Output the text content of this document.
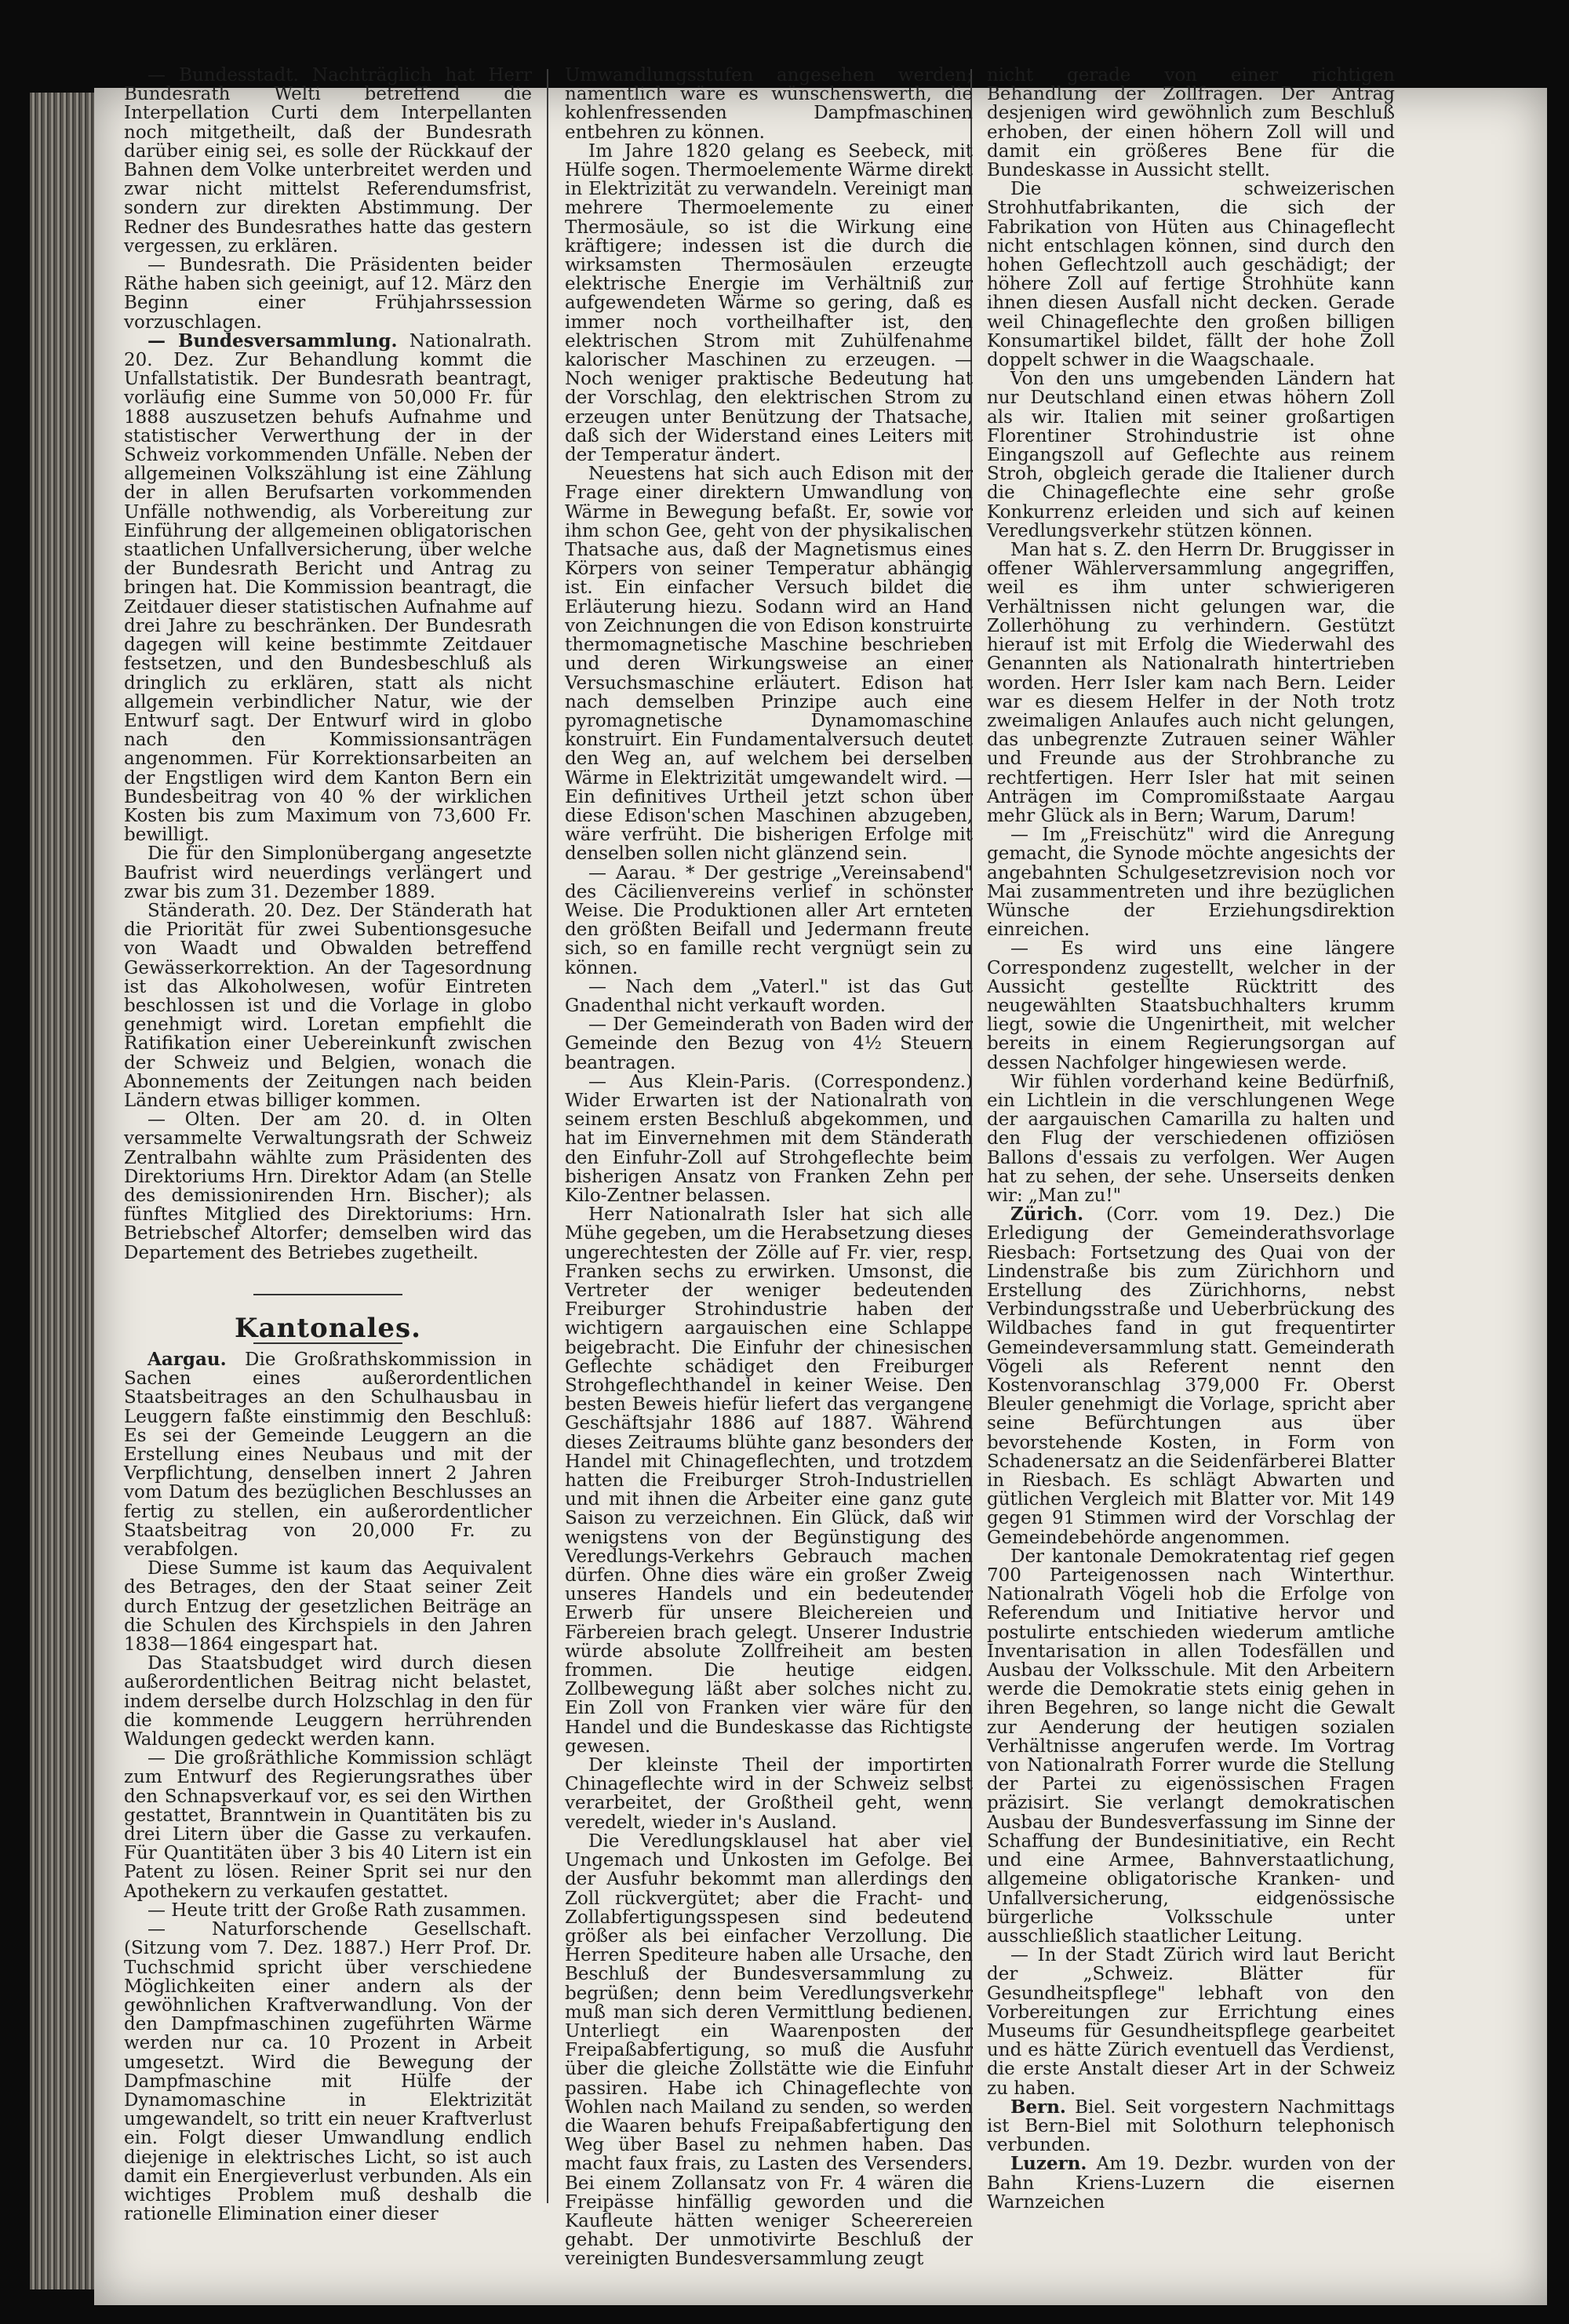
— Bundesstadt. Nachträglich hat Herr Bundesrath Welti betreffend die Interpellation Curti dem Interpellanten noch mitgetheilt, daß der Bundesrath darüber einig sei, es solle der Rückkauf der Bahnen dem Volke unterbreitet werden und zwar nicht mittelst Referendumsfrist, sondern zur direkten Abstimmung. Der Redner des Bundesrathes hatte das gestern vergessen, zu erklären.

— Bundesrath. Die Präsidenten beider Räthe haben sich geeinigt, auf 12. März den Beginn einer Frühjahrssession vorzuschlagen.

— Bundesversammlung. Nationalrath. 20. Dez. Zur Behandlung kommt die Unfallstatistik. Der Bundesrath beantragt, vorläufig eine Summe von 50,000 Fr. für 1888 auszusetzen behufs Aufnahme und statistischer Verwerthung der in der Schweiz vorkommenden Unfälle. Neben der allgemeinen Volkszählung ist eine Zählung der in allen Berufsarten vorkommenden Unfälle nothwendig, als Vorbereitung zur Einführung der allgemeinen obligatorischen staatlichen Unfallversicherung, über welche der Bundesrath Bericht und Antrag zu bringen hat. Die Kommission beantragt, die Zeitdauer dieser statistischen Aufnahme auf drei Jahre zu beschränken. Der Bundesrath dagegen will keine bestimmte Zeitdauer festsetzen, und den Bundesbeschluß als dringlich zu erklären, statt als nicht allgemein verbindlicher Natur, wie der Entwurf sagt. Der Entwurf wird in globo nach den Kommissionsanträgen angenommen. Für Korrektionsarbeiten an der Engstligen wird dem Kanton Bern ein Bundesbeitrag von 40 % der wirklichen Kosten bis zum Maximum von 73,600 Fr. bewilligt.

Die für den Simplonübergang angesetzte Baufrist wird neuerdings verlängert und zwar bis zum 31. Dezember 1889.

Ständerath. 20. Dez. Der Ständerath hat die Priorität für zwei Subentionsgesuche von Waadt und Obwalden betreffend Gewässerkorrektion. An der Tagesordnung ist das Alkoholwesen, wofür Eintreten beschlossen ist und die Vorlage in globo genehmigt wird. Loretan empfiehlt die Ratifikation einer Uebereinkunft zwischen der Schweiz und Belgien, wonach die Abonnements der Zeitungen nach beiden Ländern etwas billiger kommen.

— Olten. Der am 20. d. in Olten versammelte Verwaltungsrath der Schweiz Zentralbahn wählte zum Präsidenten des Direktoriums Hrn. Direktor Adam (an Stelle des demissionirenden Hrn. Bischer); als fünftes Mitglied des Direktoriums: Hrn. Betriebschef Altorfer; demselben wird das Departement des Betriebes zugetheilt.

Kantonales.

Aargau. Die Großrathskommission in Sachen eines außerordentlichen Staatsbeitrages an den Schulhausbau in Leuggern faßte einstimmig den Beschluß: Es sei der Gemeinde Leuggern an die Erstellung eines Neubaus und mit der Verpflichtung, denselben innert 2 Jahren vom Datum des bezüglichen Beschlusses an fertig zu stellen, ein außerordentlicher Staatsbeitrag von 20,000 Fr. zu verabfolgen.

Diese Summe ist kaum das Aequivalent des Betrages, den der Staat seiner Zeit durch Entzug der gesetzlichen Beiträge an die Schulen des Kirchspiels in den Jahren 1838—1864 eingespart hat.

Das Staatsbudget wird durch diesen außerordentlichen Beitrag nicht belastet, indem derselbe durch Holzschlag in den für die kommende Leuggern herrührenden Waldungen gedeckt werden kann.

— Die großräthliche Kommission schlägt zum Entwurf des Regierungsrathes über den Schnapsverkauf vor, es sei den Wirthen gestattet, Branntwein in Quantitäten bis zu drei Litern über die Gasse zu verkaufen. Für Quantitäten über 3 bis 40 Litern ist ein Patent zu lösen. Reiner Sprit sei nur den Apothekern zu verkaufen gestattet.

— Heute tritt der Große Rath zusammen.

— Naturforschende Gesellschaft. (Sitzung vom 7. Dez. 1887.) Herr Prof. Dr. Tuchschmid spricht über verschiedene Möglichkeiten einer andern als der gewöhnlichen Kraftverwandlung. Von der den Dampfmaschinen zugeführten Wärme werden nur ca. 10 Prozent in Arbeit umgesetzt. Wird die Bewegung der Dampfmaschine mit Hülfe der Dynamomaschine in Elektrizität umgewandelt, so tritt ein neuer Kraftverlust ein. Folgt dieser Umwandlung endlich diejenige in elektrisches Licht, so ist auch damit ein Energieverlust verbunden. Als ein wichtiges Problem muß deshalb die rationelle Elimination einer dieser

Umwandlungsstufen angesehen werden; namentlich wäre es wünschenswerth, die kohlenfressenden Dampfmaschinen entbehren zu können.

Im Jahre 1820 gelang es Seebeck, mit Hülfe sogen. Thermoelemente Wärme direkt in Elektrizität zu verwandeln. Vereinigt man mehrere Thermoelemente zu einer Thermosäule, so ist die Wirkung eine kräftigere; indessen ist die durch die wirksamsten Thermosäulen erzeugte elektrische Energie im Verhältniß zur aufgewendeten Wärme so gering, daß es immer noch vortheilhafter ist, den elektrischen Strom mit Zuhülfenahme kalorischer Maschinen zu erzeugen. — Noch weniger praktische Bedeutung hat der Vorschlag, den elektrischen Strom zu erzeugen unter Benützung der Thatsache, daß sich der Widerstand eines Leiters mit der Temperatur ändert.

Neuestens hat sich auch Edison mit der Frage einer direktern Umwandlung von Wärme in Bewegung befaßt. Er, sowie vor ihm schon Gee, geht von der physikalischen Thatsache aus, daß der Magnetismus eines Körpers von seiner Temperatur abhängig ist. Ein einfacher Versuch bildet die Erläuterung hiezu. Sodann wird an Hand von Zeichnungen die von Edison konstruirte thermomagnetische Maschine beschrieben und deren Wirkungsweise an einer Versuchsmaschine erläutert. Edison hat nach demselben Prinzipe auch eine pyromagnetische Dynamomaschine konstruirt. Ein Fundamentalversuch deutet den Weg an, auf welchem bei derselben Wärme in Elektrizität umgewandelt wird. — Ein definitives Urtheil jetzt schon über diese Edison'schen Maschinen abzugeben, wäre verfrüht. Die bisherigen Erfolge mit denselben sollen nicht glänzend sein.

— Aarau. * Der gestrige „Vereinsabend" des Cäcilienvereins verlief in schönster Weise. Die Produktionen aller Art ernteten den größten Beifall und Jedermann freute sich, so en famille recht vergnügt sein zu können.

— Nach dem „Vaterl." ist das Gut Gnadenthal nicht verkauft worden.

— Der Gemeinderath von Baden wird der Gemeinde den Bezug von 4½ Steuern beantragen.

— Aus Klein-Paris. (Correspondenz.) Wider Erwarten ist der Nationalrath von seinem ersten Beschluß abgekommen, und hat im Einvernehmen mit dem Ständerath den Einfuhr-Zoll auf Strohgeflechte beim bisherigen Ansatz von Franken Zehn per Kilo-Zentner belassen.

Herr Nationalrath Isler hat sich alle Mühe gegeben, um die Herabsetzung dieses ungerechtesten der Zölle auf Fr. vier, resp. Franken sechs zu erwirken. Umsonst, die Vertreter der weniger bedeutenden Freiburger Strohindustrie haben der wichtigern aargauischen eine Schlappe beigebracht. Die Einfuhr der chinesischen Geflechte schädiget den Freiburger Strohgeflechthandel in keiner Weise. Den besten Beweis hiefür liefert das vergangene Geschäftsjahr 1886 auf 1887. Während dieses Zeitraums blühte ganz besonders der Handel mit Chinageflechten, und trotzdem hatten die Freiburger Stroh-Industriellen und mit ihnen die Arbeiter eine ganz gute Saison zu verzeichnen. Ein Glück, daß wir wenigstens von der Begünstigung des Veredlungs-Verkehrs Gebrauch machen dürfen. Ohne dies wäre ein großer Zweig unseres Handels und ein bedeutender Erwerb für unsere Bleichereien und Färbereien brach gelegt. Unserer Industrie würde absolute Zollfreiheit am besten frommen. Die heutige eidgen. Zollbewegung läßt aber solches nicht zu. Ein Zoll von Franken vier wäre für den Handel und die Bundeskasse das Richtigste gewesen.

Der kleinste Theil der importirten Chinageflechte wird in der Schweiz selbst verarbeitet, der Großtheil geht, wenn veredelt, wieder in's Ausland.

Die Veredlungsklausel hat aber viel Ungemach und Unkosten im Gefolge. Bei der Ausfuhr bekommt man allerdings den Zoll rückvergütet; aber die Fracht- und Zollabfertigungsspesen sind bedeutend größer als bei einfacher Verzollung. Die Herren Spediteure haben alle Ursache, den Beschluß der Bundesversammlung zu begrüßen; denn beim Veredlungsverkehr muß man sich deren Vermittlung bedienen. Unterliegt ein Waarenposten der Freipaßabfertigung, so muß die Ausfuhr über die gleiche Zollstätte wie die Einfuhr passiren. Habe ich Chinageflechte von Wohlen nach Mailand zu senden, so werden die Waaren behufs Freipaßabfertigung den Weg über Basel zu nehmen haben. Das macht faux frais, zu Lasten des Versenders. Bei einem Zollansatz von Fr. 4 wären die Freipässe hinfällig geworden und die Kaufleute hätten weniger Scheerereien gehabt. Der unmotivirte Beschluß der vereinigten Bundesversammlung zeugt

nicht gerade von einer richtigen Behandlung der Zollfragen. Der Antrag desjenigen wird gewöhnlich zum Beschluß erhoben, der einen höhern Zoll will und damit ein größeres Bene für die Bundeskasse in Aussicht stellt.

Die schweizerischen Strohhutfabrikanten, die sich der Fabrikation von Hüten aus Chinageflecht nicht entschlagen können, sind durch den hohen Geflechtzoll auch geschädigt; der höhere Zoll auf fertige Strohhüte kann ihnen diesen Ausfall nicht decken. Gerade weil Chinageflechte den großen billigen Konsumartikel bildet, fällt der hohe Zoll doppelt schwer in die Waagschaale.

Von den uns umgebenden Ländern hat nur Deutschland einen etwas höhern Zoll als wir. Italien mit seiner großartigen Florentiner Strohindustrie ist ohne Eingangszoll auf Geflechte aus reinem Stroh, obgleich gerade die Italiener durch die Chinageflechte eine sehr große Konkurrenz erleiden und sich auf keinen Veredlungsverkehr stützen können.

Man hat s. Z. den Herrn Dr. Bruggisser in offener Wählerversammlung angegriffen, weil es ihm unter schwierigeren Verhältnissen nicht gelungen war, die Zollerhöhung zu verhindern. Gestützt hierauf ist mit Erfolg die Wiederwahl des Genannten als Nationalrath hintertrieben worden. Herr Isler kam nach Bern. Leider war es diesem Helfer in der Noth trotz zweimaligen Anlaufes auch nicht gelungen, das unbegrenzte Zutrauen seiner Wähler und Freunde aus der Strohbranche zu rechtfertigen. Herr Isler hat mit seinen Anträgen im Compromißstaate Aargau mehr Glück als in Bern; Warum, Darum!

— Im „Freischütz" wird die Anregung gemacht, die Synode möchte angesichts der angebahnten Schulgesetzrevision noch vor Mai zusammentreten und ihre bezüglichen Wünsche der Erziehungsdirektion einreichen.

— Es wird uns eine längere Correspondenz zugestellt, welcher in der Aussicht gestellte Rücktritt des neugewählten Staatsbuchhalters krumm liegt, sowie die Ungenirtheit, mit welcher bereits in einem Regierungsorgan auf dessen Nachfolger hingewiesen werde.

Wir fühlen vorderhand keine Bedürfniß, ein Lichtlein in die verschlungenen Wege der aargauischen Camarilla zu halten und den Flug der verschiedenen offiziösen Ballons d'essais zu verfolgen. Wer Augen hat zu sehen, der sehe. Unserseits denken wir: „Man zu!"

Zürich. (Corr. vom 19. Dez.) Die Erledigung der Gemeinderathsvorlage Riesbach: Fortsetzung des Quai von der Lindenstraße bis zum Zürichhorn und Erstellung des Zürichhorns, nebst Verbindungsstraße und Ueberbrückung des Wildbaches fand in gut frequentirter Gemeindeversammlung statt. Gemeinderath Vögeli als Referent nennt den Kostenvoranschlag 379,000 Fr. Oberst Bleuler genehmigt die Vorlage, spricht aber seine Befürchtungen aus über bevorstehende Kosten, in Form von Schadenersatz an die Seidenfärberei Blatter in Riesbach. Es schlägt Abwarten und gütlichen Vergleich mit Blatter vor. Mit 149 gegen 91 Stimmen wird der Vorschlag der Gemeindebehörde angenommen.

Der kantonale Demokratentag rief gegen 700 Parteigenossen nach Winterthur. Nationalrath Vögeli hob die Erfolge von Referendum und Initiative hervor und postulirte entschieden wiederum amtliche Inventarisation in allen Todesfällen und Ausbau der Volksschule. Mit den Arbeitern werde die Demokratie stets einig gehen in ihren Begehren, so lange nicht die Gewalt zur Aenderung der heutigen sozialen Verhältnisse angerufen werde. Im Vortrag von Nationalrath Forrer wurde die Stellung der Partei zu eigenössischen Fragen präzisirt. Sie verlangt demokratischen Ausbau der Bundesverfassung im Sinne der Schaffung der Bundesinitiative, ein Recht und eine Armee, Bahnverstaatlichung, allgemeine obligatorische Kranken- und Unfallversicherung, eidgenössische bürgerliche Volksschule unter ausschließlich staatlicher Leitung.

— In der Stadt Zürich wird laut Bericht der „Schweiz. Blätter für Gesundheitspflege" lebhaft von den Vorbereitungen zur Errichtung eines Museums für Gesundheitspflege gearbeitet und es hätte Zürich eventuell das Verdienst, die erste Anstalt dieser Art in der Schweiz zu haben.

Bern. Biel. Seit vorgestern Nachmittags ist Bern-Biel mit Solothurn telephonisch verbunden.

Luzern. Am 19. Dezbr. wurden von der Bahn Kriens-Luzern die eisernen Warnzeichen
